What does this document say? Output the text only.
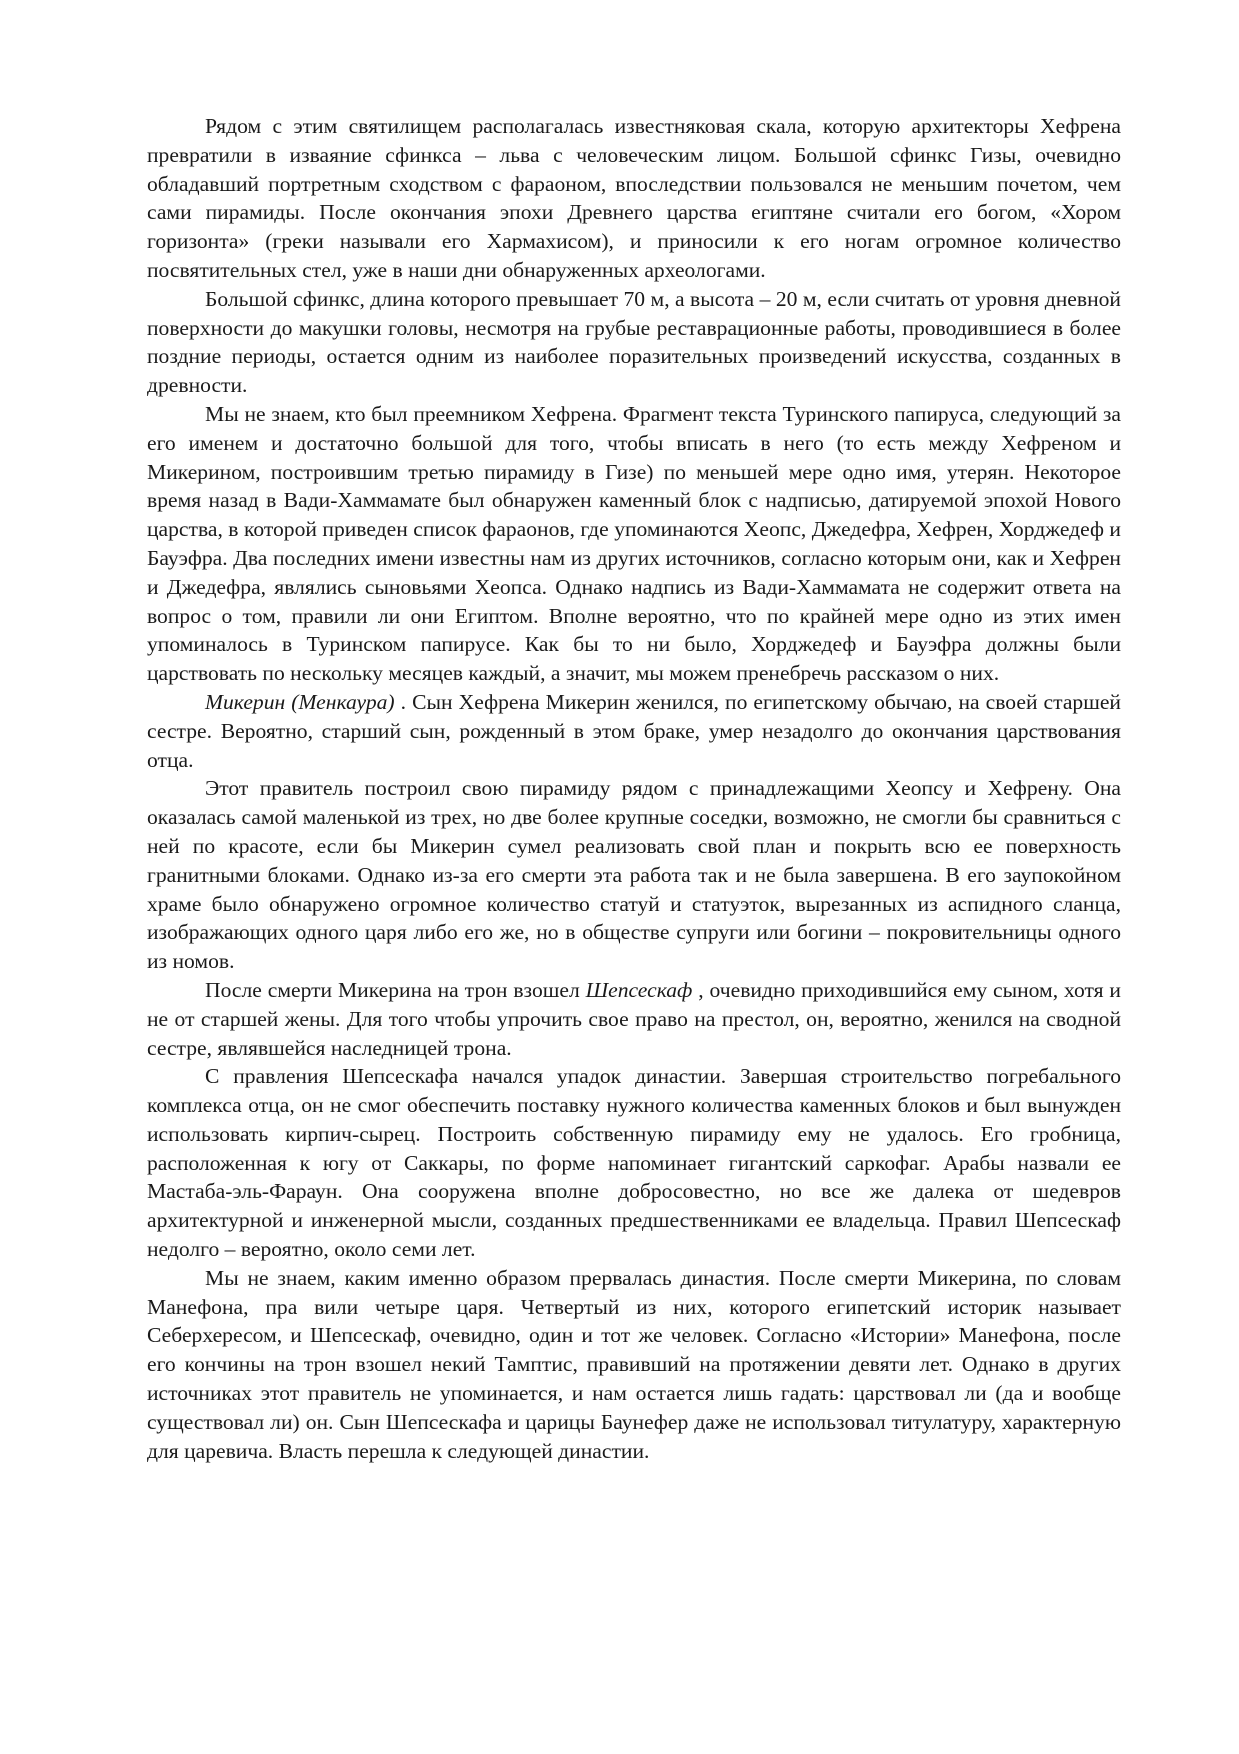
Рядом с этим святилищем располагалась известняковая скала, которую архитекторы Хефрена превратили в изваяние сфинкса – льва с человеческим лицом. Большой сфинкс Гизы, очевидно обладавший портретным сходством с фараоном, впоследствии пользовался не меньшим почетом, чем сами пирамиды. После окончания эпохи Древнего царства египтяне считали его богом, «Хором горизонта» (греки называли его Хармахисом), и приносили к его ногам огромное количество посвятительных стел, уже в наши дни обнаруженных археологами.

Большой сфинкс, длина которого превышает 70 м, а высота – 20 м, если считать от уровня дневной поверхности до макушки головы, несмотря на грубые реставрационные работы, проводившиеся в более поздние периоды, остается одним из наиболее поразительных произведений искусства, созданных в древности.

Мы не знаем, кто был преемником Хефрена. Фрагмент текста Туринского папируса, следующий за его именем и достаточно большой для того, чтобы вписать в него (то есть между Хефреном и Микерином, построившим третью пирамиду в Гизе) по меньшей мере одно имя, утерян. Некоторое время назад в Вади-Хаммамате был обнаружен каменный блок с надписью, датируемой эпохой Нового царства, в которой приведен список фараонов, где упоминаются Хеопс, Джедефра, Хефрен, Хорджедеф и Бауэфра. Два последних имени известны нам из других источников, согласно которым они, как и Хефрен и Джедефра, являлись сыновьями Хеопса. Однако надпись из Вади-Хаммамата не содержит ответа на вопрос о том, правили ли они Египтом. Вполне вероятно, что по крайней мере одно из этих имен упоминалось в Туринском папирусе. Как бы то ни было, Хорджедеф и Бауэфра должны были царствовать по нескольку месяцев каждый, а значит, мы можем пренебречь рассказом о них.

Микерин (Менкаура) . Сын Хефрена Микерин женился, по египетскому обычаю, на своей старшей сестре. Вероятно, старший сын, рожденный в этом браке, умер незадолго до окончания царствования отца.

Этот правитель построил свою пирамиду рядом с принадлежащими Хеопсу и Хефрену. Она оказалась самой маленькой из трех, но две более крупные соседки, возможно, не смогли бы сравниться с ней по красоте, если бы Микерин сумел реализовать свой план и покрыть всю ее поверхность гранитными блоками. Однако из-за его смерти эта работа так и не была завершена. В его заупокойном храме было обнаружено огромное количество статуй и статуэток, вырезанных из аспидного сланца, изображающих одного царя либо его же, но в обществе супруги или богини – покровительницы одного из номов.

После смерти Микерина на трон взошел Шепсескаф , очевидно приходившийся ему сыном, хотя и не от старшей жены. Для того чтобы упрочить свое право на престол, он, вероятно, женился на сводной сестре, являвшейся наследницей трона.

С правления Шепсескафа начался упадок династии. Завершая строительство погребального комплекса отца, он не смог обеспечить поставку нужного количества каменных блоков и был вынужден использовать кирпич-сырец. Построить собственную пирамиду ему не удалось. Его гробница, расположенная к югу от Саккары, по форме напоминает гигантский саркофаг. Арабы назвали ее Мастаба-эль-Фараун. Она сооружена вполне добросовестно, но все же далека от шедевров архитектурной и инженерной мысли, созданных предшественниками ее владельца. Правил Шепсескаф недолго – вероятно, около семи лет.

Мы не знаем, каким именно образом прервалась династия. После смерти Микерина, по словам Манефона, пра вили четыре царя. Четвертый из них, которого египетский историк называет Себерхересом, и Шепсескаф, очевидно, один и тот же человек. Согласно «Истории» Манефона, после его кончины на трон взошел некий Тамптис, правивший на протяжении девяти лет. Однако в других источниках этот правитель не упоминается, и нам остается лишь гадать: царствовал ли (да и вообще существовал ли) он. Сын Шепсескафа и царицы Баунефер даже не использовал титулатуру, характерную для царевича. Власть перешла к следующей династии.
